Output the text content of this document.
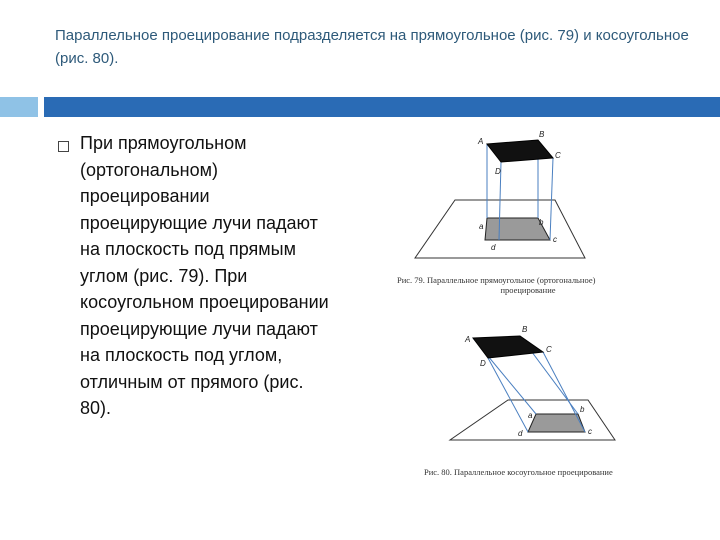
Параллельное проецирование подразделяется на прямоугольное (рис. 79) и косоугольное (рис. 80).
При прямоугольном (ортогональном) проецировании проецирующие лучи падают на плоскость под прямым углом (рис. 79). При косоугольном проецировании проецирующие лучи падают на плоскость под углом, отличным от прямого (рис. 80).
A
B
C
D
a	b
c
d
Рис. 79. Параллельное прямоугольное (ортогональное)
проецирование
A
B
C
D
a
b
c
d
Рис. 80. Параллельное косоугольное проецирование
